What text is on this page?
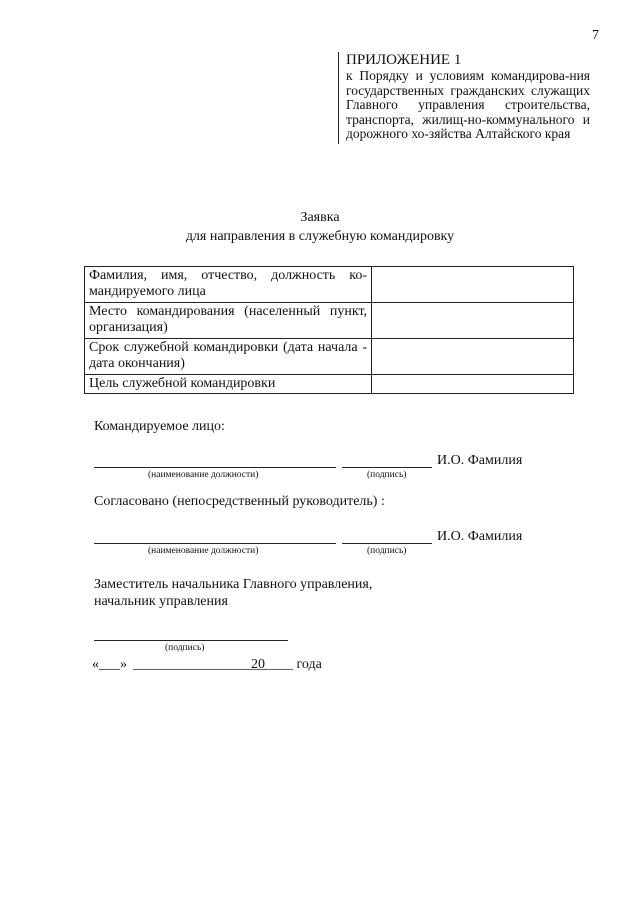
7
ПРИЛОЖЕНИЕ 1
к Порядку и условиям командирова-ния государственных гражданских служащих Главного управления строительства, транспорта, жилищ-но-коммунального и дорожного хо-зяйства Алтайского края
Заявка
для направления в служебную командировку
Фамилия, имя, отчество, должность ко-мандируемого лица	
Место командирования (населенный пункт, организация)	
Срок служебной командировки (дата начала - дата окончания)	
Цель служебной командировки	
Командируемое лицо:
И.О. Фамилия
(наименование должности)	(подпись)
Согласовано (непосредственный руководитель) :
И.О. Фамилия
(наименование должности)	(подпись)
Заместитель начальника Главного управления,
начальник управления
(подпись)
«___» ___________________
20____ года
